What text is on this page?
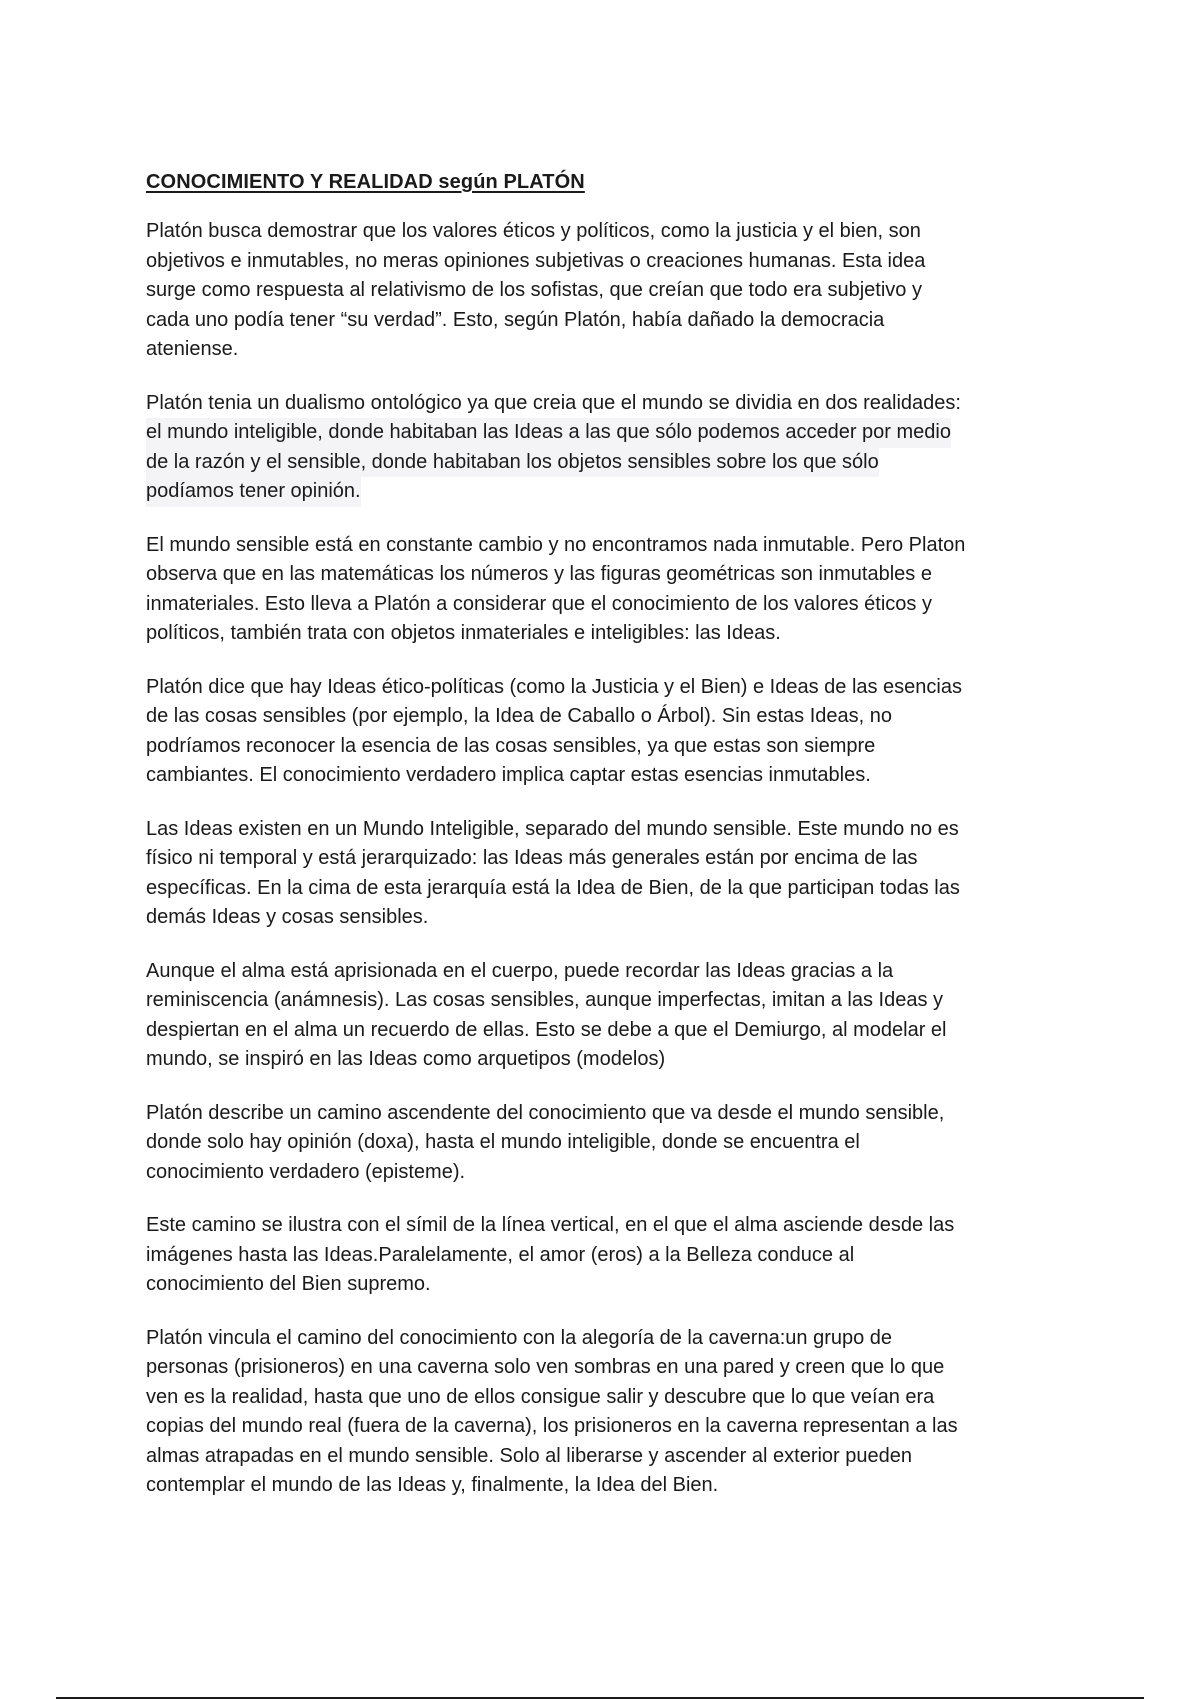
CONOCIMIENTO Y REALIDAD según PLATÓN
Platón busca demostrar que los valores éticos y políticos, como la justicia y el bien, son
objetivos e inmutables, no meras opiniones subjetivas o creaciones humanas. Esta idea
surge como respuesta al relativismo de los sofistas, que creían que todo era subjetivo y
cada uno podía tener “su verdad”. Esto, según Platón, había dañado la democracia
ateniense.
Platón tenia un dualismo ontológico ya que creia que el mundo se dividia en dos realidades:
el mundo inteligible, donde habitaban las Ideas a las que sólo podemos acceder por medio
de la razón y el sensible, donde habitaban los objetos sensibles sobre los que sólo
podíamos tener opinión.
El mundo sensible está en constante cambio y no encontramos nada inmutable. Pero Platon
observa que en las matemáticas los números y las figuras geométricas son inmutables e
inmateriales. Esto lleva a Platón a considerar que el conocimiento de los valores éticos y
políticos, también trata con objetos inmateriales e inteligibles: las Ideas.
Platón dice que hay Ideas ético-políticas (como la Justicia y el Bien) e Ideas de las esencias
de las cosas sensibles (por ejemplo, la Idea de Caballo o Árbol). Sin estas Ideas, no
podríamos reconocer la esencia de las cosas sensibles, ya que estas son siempre
cambiantes. El conocimiento verdadero implica captar estas esencias inmutables.
Las Ideas existen en un Mundo Inteligible, separado del mundo sensible. Este mundo no es
físico ni temporal y está jerarquizado: las Ideas más generales están por encima de las
específicas. En la cima de esta jerarquía está la Idea de Bien, de la que participan todas las
demás Ideas y cosas sensibles.
Aunque el alma está aprisionada en el cuerpo, puede recordar las Ideas gracias a la
reminiscencia (anámnesis). Las cosas sensibles, aunque imperfectas, imitan a las Ideas y
despiertan en el alma un recuerdo de ellas. Esto se debe a que el Demiurgo, al modelar el
mundo, se inspiró en las Ideas como arquetipos (modelos)
Platón describe un camino ascendente del conocimiento que va desde el mundo sensible,
donde solo hay opinión (doxa), hasta el mundo inteligible, donde se encuentra el
conocimiento verdadero (episteme).
Este camino se ilustra con el símil de la línea vertical, en el que el alma asciende desde las
imágenes hasta las Ideas.Paralelamente, el amor (eros) a la Belleza conduce al
conocimiento del Bien supremo.
Platón vincula el camino del conocimiento con la alegoría de la caverna:un grupo de
personas (prisioneros) en una caverna solo ven sombras en una pared y creen que lo que
ven es la realidad, hasta que uno de ellos consigue salir y descubre que lo que veían era
copias del mundo real (fuera de la caverna), los prisioneros en la caverna representan a las
almas atrapadas en el mundo sensible. Solo al liberarse y ascender al exterior pueden
contemplar el mundo de las Ideas y, finalmente, la Idea del Bien.
